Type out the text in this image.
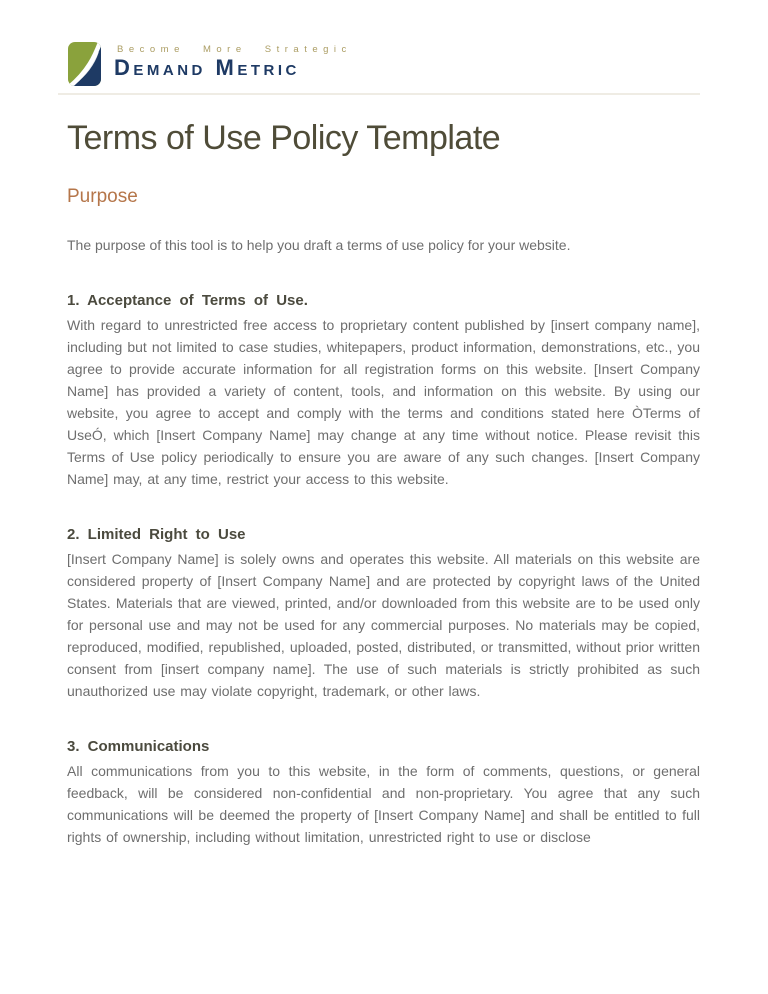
Become More Strategic
Demand Metric
Terms of Use Policy Template
Purpose

The purpose of this tool is to help you draft a terms of use policy for your website.

1. Acceptance of Terms of Use.

With regard to unrestricted free access to proprietary content published by [insert company name], including but not limited to case studies, whitepapers, product information, demonstrations, etc., you agree to provide accurate information for all registration forms on this website. [Insert Company Name] has provided a variety of content, tools, and information on this website. By using our website, you agree to accept and comply with the terms and conditions stated here ÒTerms of UseÓ, which [Insert Company Name] may change at any time without notice. Please revisit this Terms of Use policy periodically to ensure you are aware of any such changes. [Insert Company Name] may, at any time, restrict your access to this website.

2. Limited Right to Use

[Insert Company Name] is solely owns and operates this website. All materials on this website are considered property of [Insert Company Name] and are protected by copyright laws of the United States. Materials that are viewed, printed, and/or downloaded from this website are to be used only for personal use and may not be used for any commercial purposes. No materials may be copied, reproduced, modified, republished, uploaded, posted, distributed, or transmitted, without prior written consent from [insert company name]. The use of such materials is strictly prohibited as such unauthorized use may violate copyright, trademark, or other laws.

3. Communications

All communications from you to this website, in the form of comments, questions, or general feedback, will be considered non-confidential and non-proprietary. You agree that any such communications will be deemed the property of [Insert Company Name] and shall be entitled to full rights of ownership, including without limitation, unrestricted right to use or disclose
